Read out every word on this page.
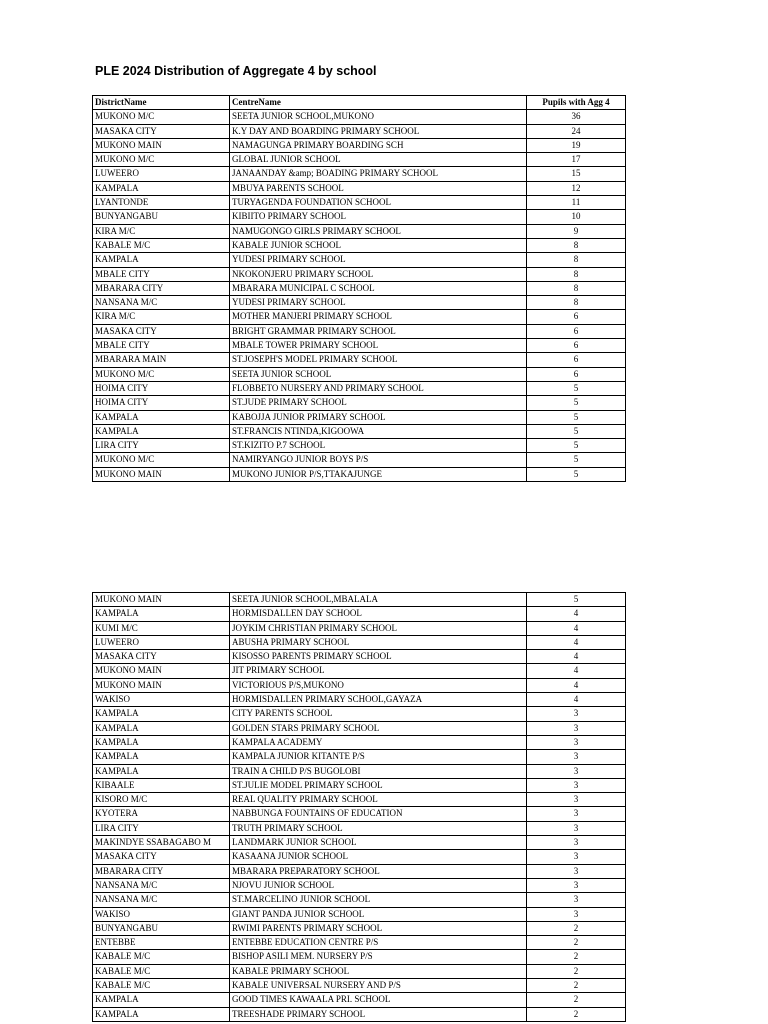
PLE 2024 Distribution of Aggregate 4 by school
DistrictName	CentreName	Pupils with Agg 4
MUKONO M/C	SEETA JUNIOR SCHOOL,MUKONO	36
MASAKA CITY	K.Y DAY AND BOARDING PRIMARY SCHOOL	24
MUKONO MAIN	NAMAGUNGA PRIMARY BOARDING SCH	19
MUKONO M/C	GLOBAL JUNIOR SCHOOL	17
LUWEERO	JANAANDAY &amp; BOADING PRIMARY SCHOOL	15
KAMPALA	MBUYA PARENTS SCHOOL	12
LYANTONDE	TURYAGENDA FOUNDATION SCHOOL	11
BUNYANGABU	KIBIITO PRIMARY SCHOOL	10
KIRA M/C	NAMUGONGO GIRLS PRIMARY SCHOOL	9
KABALE M/C	KABALE JUNIOR SCHOOL	8
KAMPALA	YUDESI PRIMARY SCHOOL	8
MBALE CITY	NKOKONJERU PRIMARY SCHOOL	8
MBARARA CITY	MBARARA MUNICIPAL C SCHOOL	8
NANSANA M/C	YUDESI PRIMARY SCHOOL	8
KIRA M/C	MOTHER MANJERI PRIMARY SCHOOL	6
MASAKA CITY	BRIGHT GRAMMAR PRIMARY SCHOOL	6
MBALE CITY	MBALE TOWER PRIMARY SCHOOL	6
MBARARA MAIN	ST.JOSEPH'S MODEL PRIMARY SCHOOL	6
MUKONO M/C	SEETA JUNIOR SCHOOL	6
HOIMA CITY	FLOBBETO NURSERY AND PRIMARY SCHOOL	5
HOIMA CITY	ST.JUDE PRIMARY SCHOOL	5
KAMPALA	KABOJJA JUNIOR PRIMARY SCHOOL	5
KAMPALA	ST.FRANCIS NTINDA,KIGOOWA	5
LIRA CITY	ST.KIZITO P.7 SCHOOL	5
MUKONO M/C	NAMIRYANGO JUNIOR BOYS P/S	5
MUKONO MAIN	MUKONO JUNIOR P/S,TTAKAJUNGE	5
MUKONO MAIN	SEETA JUNIOR SCHOOL,MBALALA	5
KAMPALA	HORMISDALLEN DAY SCHOOL	4
KUMI M/C	JOYKIM CHRISTIAN PRIMARY SCHOOL	4
LUWEERO	ABUSHA PRIMARY SCHOOL	4
MASAKA CITY	KISOSSO PARENTS PRIMARY SCHOOL	4
MUKONO MAIN	JIT PRIMARY SCHOOL	4
MUKONO MAIN	VICTORIOUS P/S,MUKONO	4
WAKISO	HORMISDALLEN PRIMARY SCHOOL,GAYAZA	4
KAMPALA	CITY PARENTS SCHOOL	3
KAMPALA	GOLDEN STARS PRIMARY SCHOOL	3
KAMPALA	KAMPALA ACADEMY	3
KAMPALA	KAMPALA JUNIOR KITANTE P/S	3
KAMPALA	TRAIN A CHILD P/S BUGOLOBI	3
KIBAALE	ST.JULIE MODEL PRIMARY SCHOOL	3
KISORO M/C	REAL QUALITY PRIMARY SCHOOL	3
KYOTERA	NABBUNGA FOUNTAINS OF EDUCATION	3
LIRA CITY	TRUTH PRIMARY SCHOOL	3
MAKINDYE SSABAGABO M	LANDMARK JUNIOR SCHOOL	3
MASAKA CITY	KASAANA JUNIOR SCHOOL	3
MBARARA CITY	MBARARA PREPARATORY SCHOOL	3
NANSANA M/C	NJOVU JUNIOR SCHOOL	3
NANSANA M/C	ST.MARCELINO JUNIOR SCHOOL	3
WAKISO	GIANT PANDA JUNIOR SCHOOL	3
BUNYANGABU	RWIMI PARENTS PRIMARY SCHOOL	2
ENTEBBE	ENTEBBE EDUCATION CENTRE P/S	2
KABALE M/C	BISHOP ASILI MEM. NURSERY P/S	2
KABALE M/C	KABALE PRIMARY SCHOOL	2
KABALE M/C	KABALE UNIVERSAL NURSERY AND P/S	2
KAMPALA	GOOD TIMES KAWAALA PRI. SCHOOL	2
KAMPALA	TREESHADE PRIMARY SCHOOL	2
